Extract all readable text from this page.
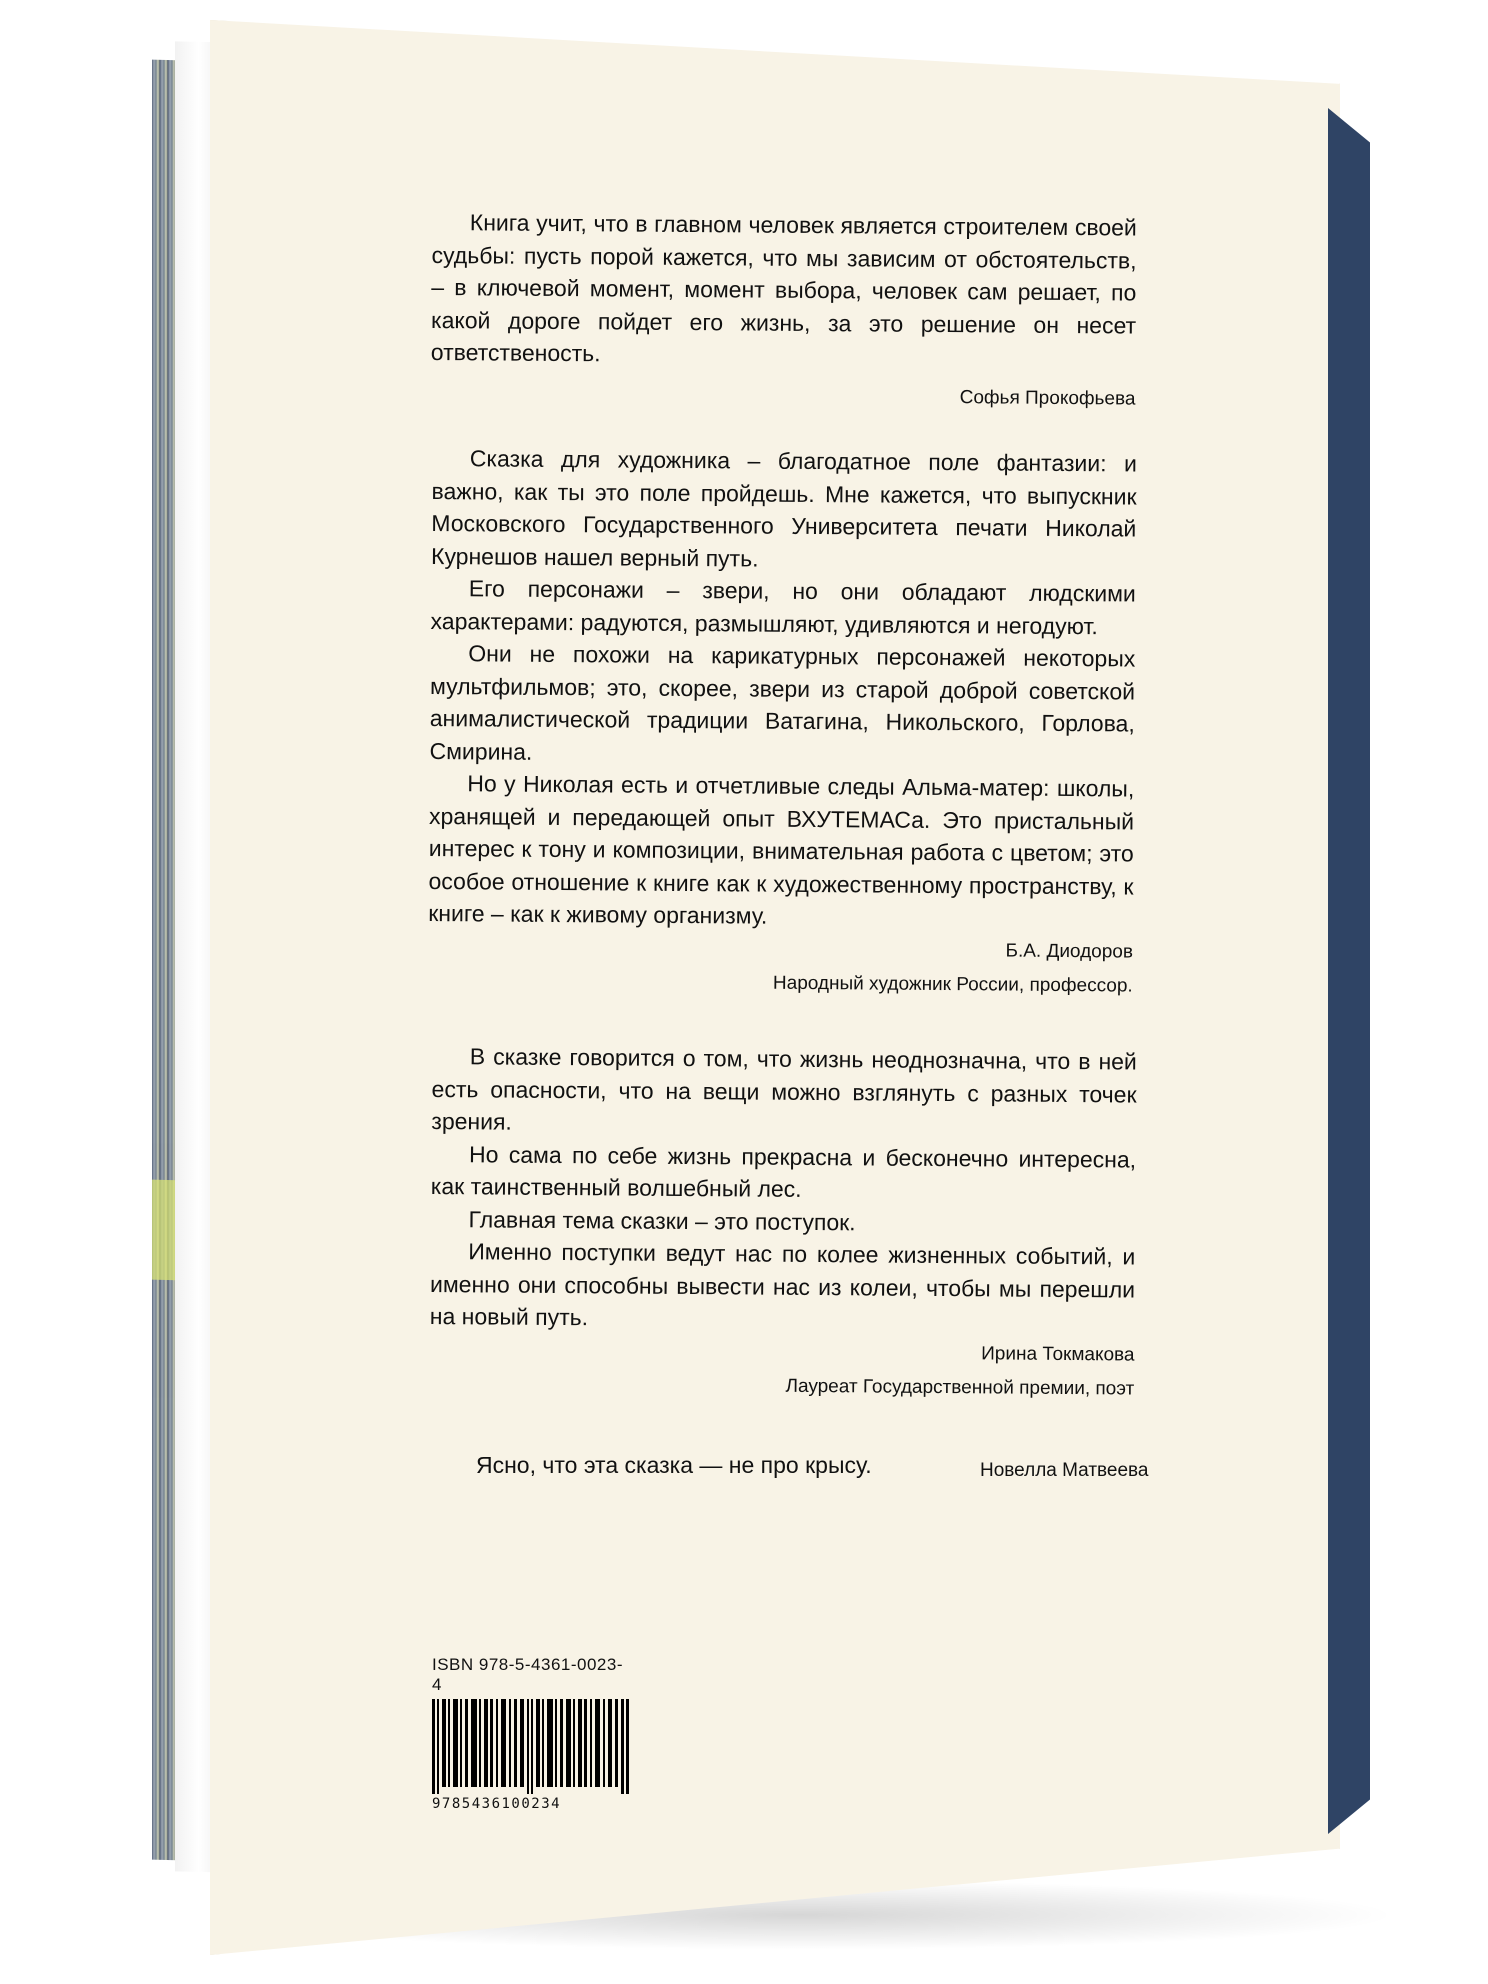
Книга учит, что в главном человек является строителем своей судьбы: пусть порой кажется, что мы зависим от обстоятельств, – в ключевой момент, момент выбора, человек сам решает, по какой дороге пойдет его жизнь, за это решение он несет ответственость.

Софья Прокофьева

Сказка для художника – благодатное поле фантазии: и важно, как ты это поле пройдешь. Мне кажется, что выпускник Московского Государственного Университета печати Николай Курнешов нашел верный путь.

Его персонажи – звери, но они обладают людскими характерами: радуются, размышляют, удивляются и негодуют.

Они не похожи на карикатурных персонажей некоторых мультфильмов; это, скорее, звери из старой доброй советской анималистической традиции Ватагина, Никольского, Горлова, Смирина.

Но у Николая есть и отчетливые следы Альма-матер: школы, хранящей и передающей опыт ВХУТЕМАСа. Это пристальный интерес к тону и композиции, внимательная работа с цветом; это особое отношение к книге как к художественному пространству, к книге – как к живому организму.

Б.А. Диодоров

Народный художник России, профессор.

В сказке говорится о том, что жизнь неоднозначна, что в ней есть опасности, что на вещи можно взглянуть с разных точек зрения.

Но сама по себе жизнь прекрасна и бесконечно интересна, как таинственный волшебный лес.

Главная тема сказки – это поступок.

Именно поступки ведут нас по колее жизненных событий, и именно они способны вывести нас из колеи, чтобы мы перешли на новый путь.

Ирина Токмакова

Лауреат Государственной премии, поэт

Ясно, что эта сказка — не про крысу.	Новелла Матвеева
ISBN 978-5-4361-0023-4
9785436100234
